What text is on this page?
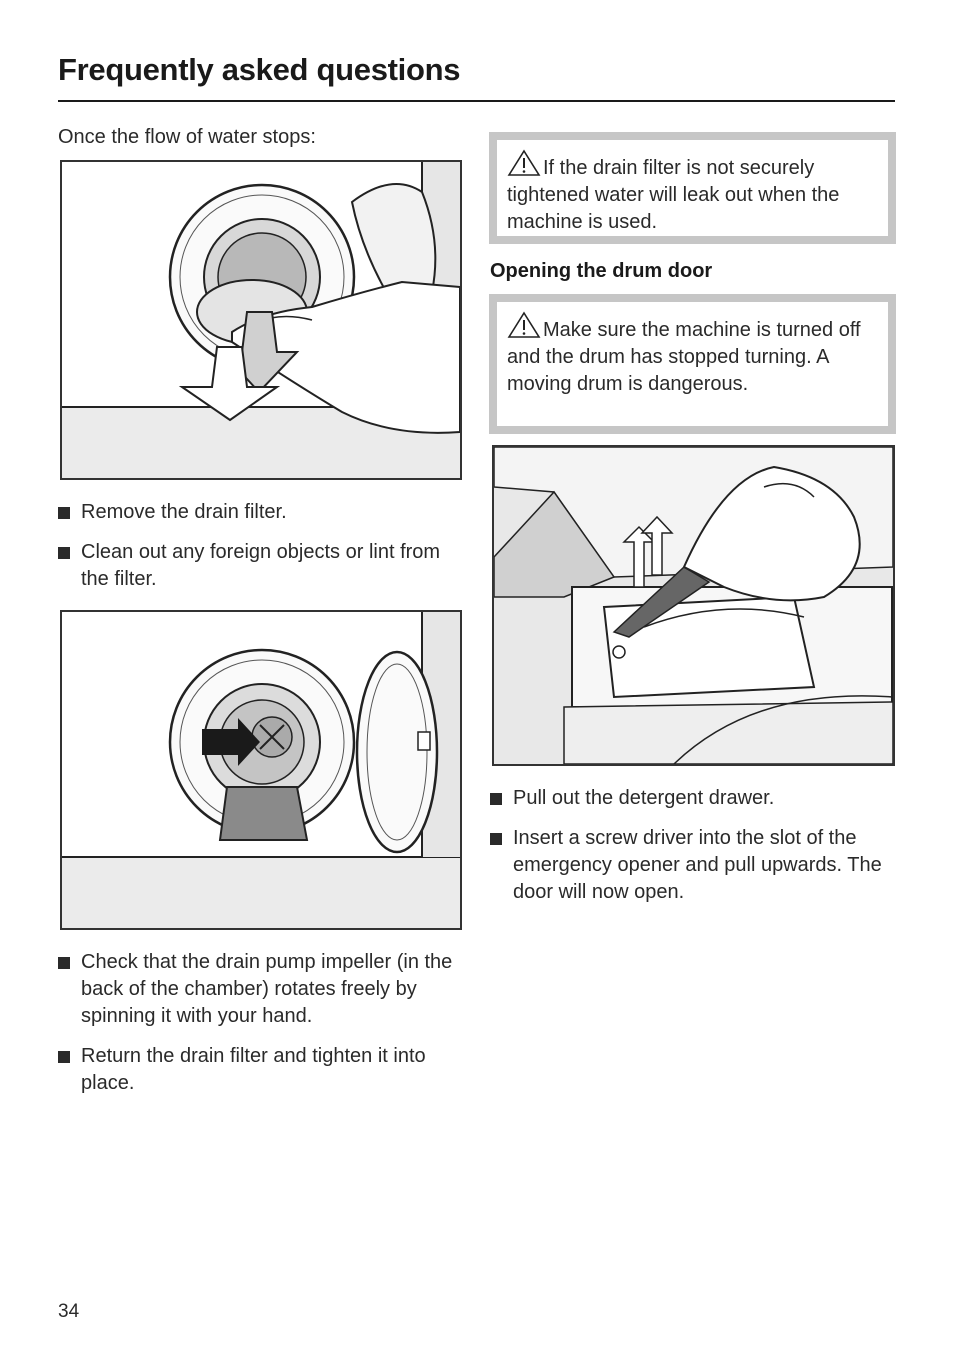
Frequently asked questions
Once the flow of water stops:
Remove the drain filter.
Clean out any foreign objects or lint from the filter.
Check that the drain pump impeller (in the back of the chamber) rotates freely by spinning it with your hand.
Return the drain filter and tighten it into place.
If the drain filter is not securely tightened water will leak out when the machine is used.
Opening the drum door
Make sure the machine is turned off and the drum has stopped turning. A moving drum is dangerous.
Pull out the detergent drawer.
Insert a screw driver into the slot of the emergency opener and pull upwards. The door will now open.
34
